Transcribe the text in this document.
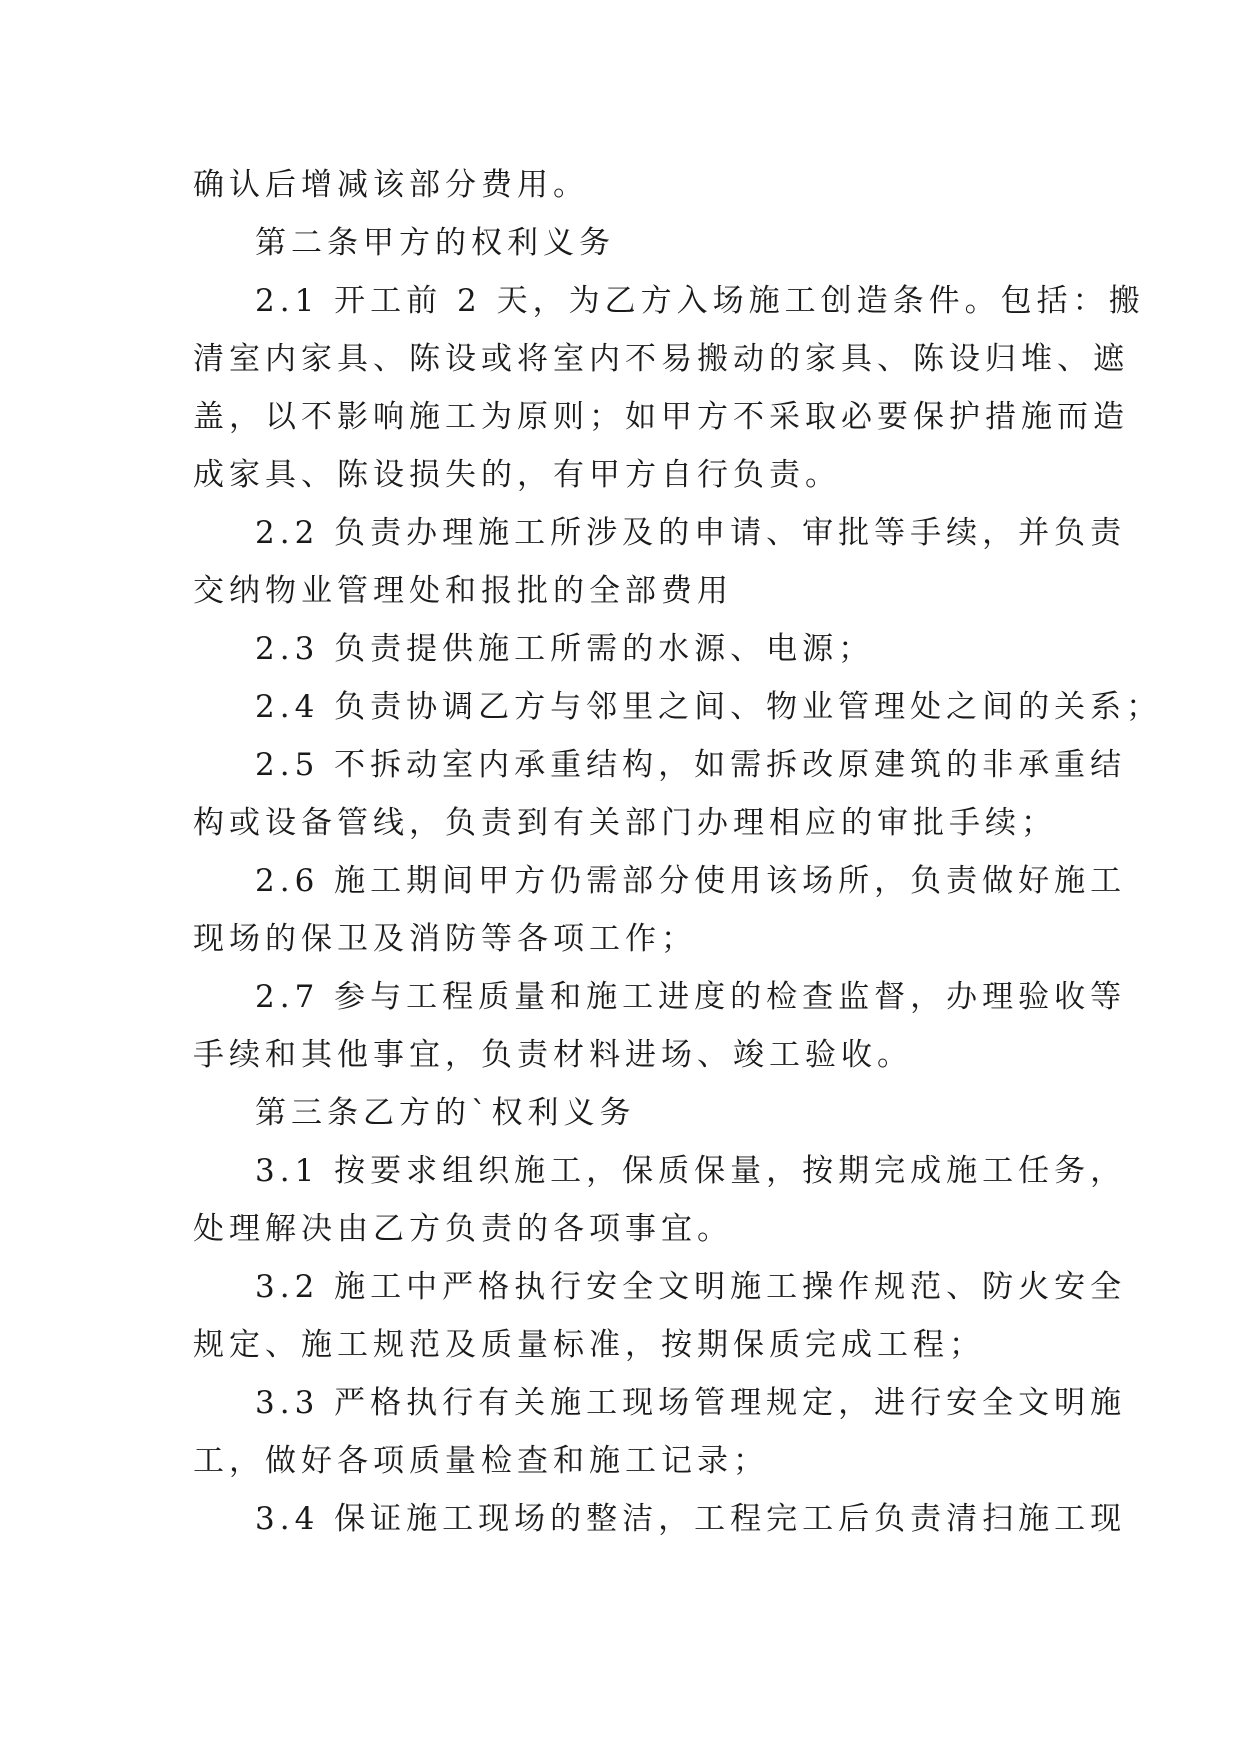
确认后增减该部分费用。
第二条甲方的权利义务
2.1 开工前 2 天，为乙方入场施工创造条件。包括：搬
清室内家具、陈设或将室内不易搬动的家具、陈设归堆、遮
盖，以不影响施工为原则；如甲方不采取必要保护措施而造
成家具、陈设损失的，有甲方自行负责。
2.2 负责办理施工所涉及的申请、审批等手续，并负责
交纳物业管理处和报批的全部费用
2.3 负责提供施工所需的水源、电源；
2.4 负责协调乙方与邻里之间、物业管理处之间的关系；
2.5 不拆动室内承重结构，如需拆改原建筑的非承重结
构或设备管线，负责到有关部门办理相应的审批手续；
2.6 施工期间甲方仍需部分使用该场所，负责做好施工
现场的保卫及消防等各项工作；
2.7 参与工程质量和施工进度的检查监督，办理验收等
手续和其他事宜，负责材料进场、竣工验收。
第三条乙方的`权利义务
3.1 按要求组织施工，保质保量，按期完成施工任务，
处理解决由乙方负责的各项事宜。
3.2 施工中严格执行安全文明施工操作规范、防火安全
规定、施工规范及质量标准，按期保质完成工程；
3.3 严格执行有关施工现场管理规定，进行安全文明施
工，做好各项质量检查和施工记录；
3.4 保证施工现场的整洁，工程完工后负责清扫施工现
